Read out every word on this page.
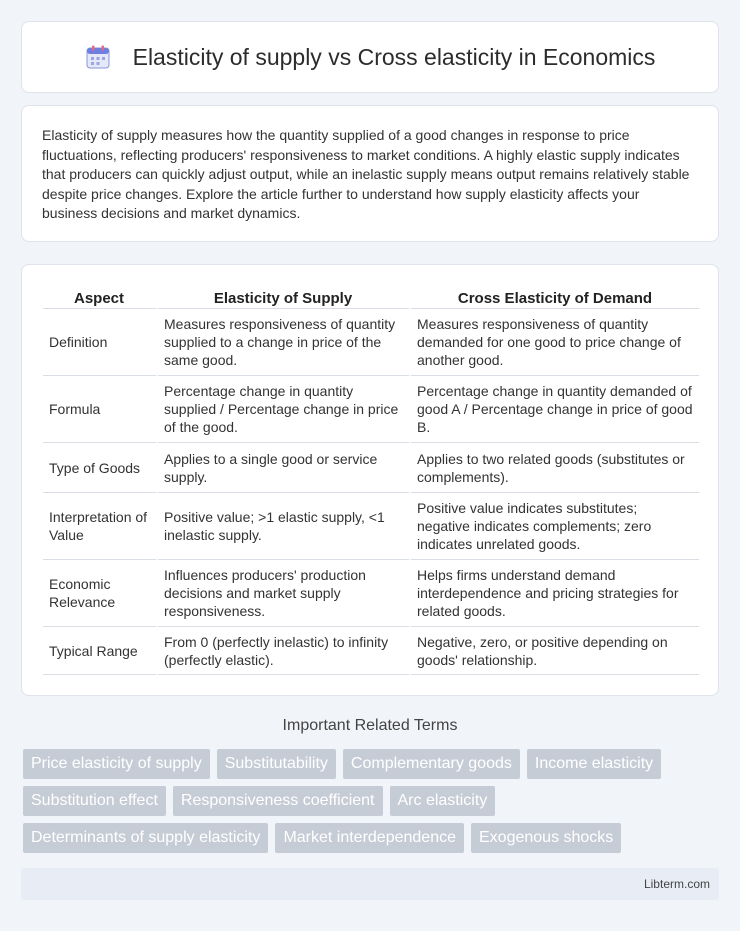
Elasticity of supply vs Cross elasticity in Economics

Elasticity of supply measures how the quantity supplied of a good changes in response to price fluctuations, reflecting producers' responsiveness to market conditions. A highly elastic supply indicates that producers can quickly adjust output, while an inelastic supply means output remains relatively stable despite price changes. Explore the article further to understand how supply elasticity affects your business decisions and market dynamics.

Aspect	Elasticity of Supply	Cross Elasticity of Demand
Definition	Measures responsiveness of quantity supplied to a change in price of the same good.	Measures responsiveness of quantity demanded for one good to price change of another good.
Formula	Percentage change in quantity supplied / Percentage change in price of the good.	Percentage change in quantity demanded of good A / Percentage change in price of good B.
Type of Goods	Applies to a single good or service supply.	Applies to two related goods (substitutes or complements).
Interpretation of Value	Positive value; >1 elastic supply, <1 inelastic supply.	Positive value indicates substitutes; negative indicates complements; zero indicates unrelated goods.
Economic Relevance	Influences producers' production decisions and market supply responsiveness.	Helps firms understand demand interdependence and pricing strategies for related goods.
Typical Range	From 0 (perfectly inelastic) to infinity (perfectly elastic).	Negative, zero, or positive depending on goods' relationship.
Important Related Terms
Price elasticity of supply	Substitutability	Complementary goods	Income elasticity
Substitution effect	Responsiveness coefficient	Arc elasticity
Determinants of supply elasticity	Market interdependence	Exogenous shocks
Libterm.com
